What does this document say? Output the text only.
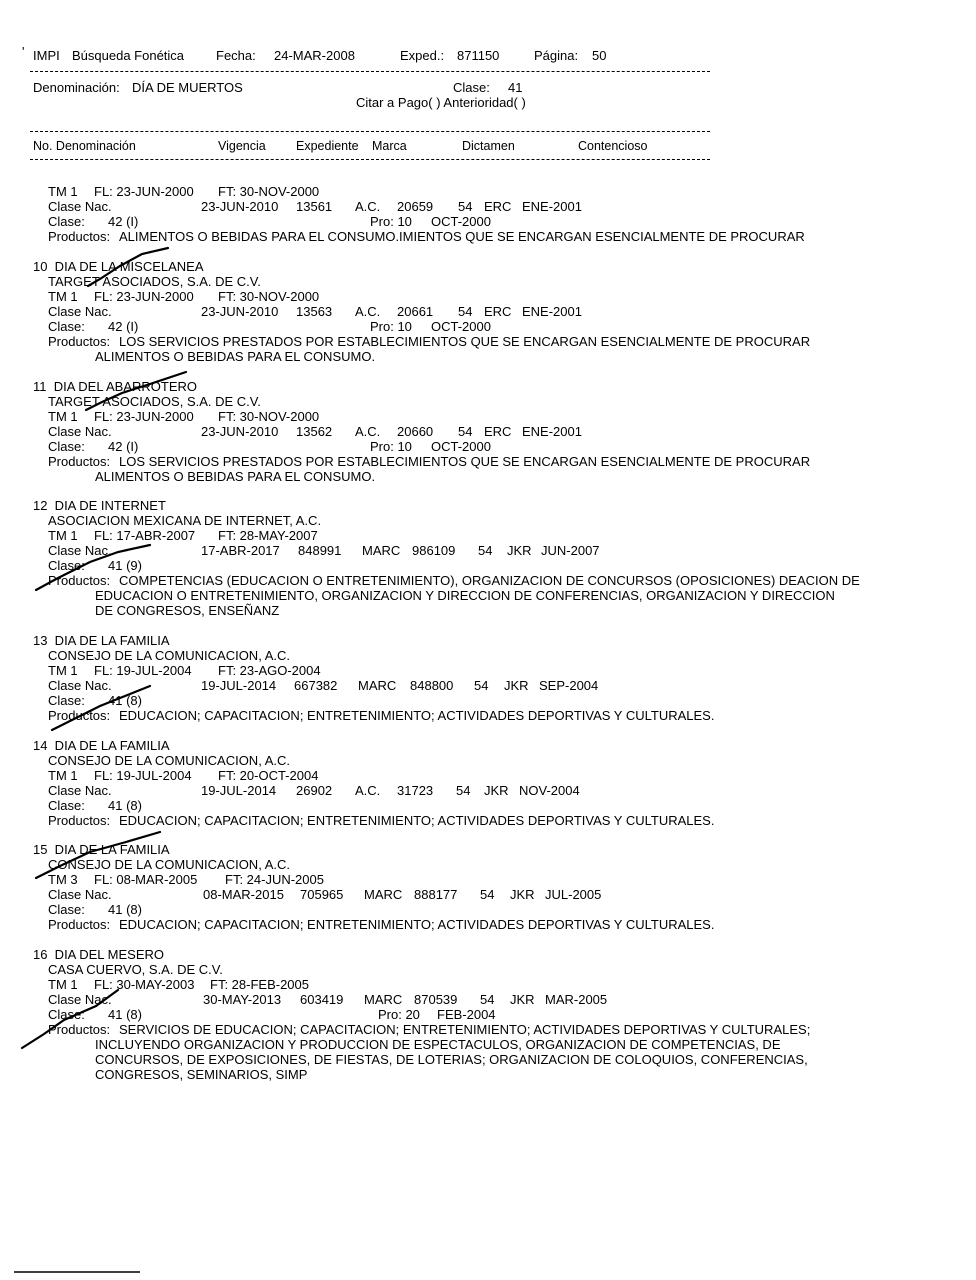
' IMPI Búsqueda Fonética Fecha: 24-MAR-2008	Exped.: 871150	Página: 50
Denominación: DÍA DE MUERTOS	Clase: 41
Citar a Pago( ) Anterioridad( )
No. Denominación	Vigencia Expediente Marca	Dictamen	Contencioso
TM 1 FL: 23-JUN-2000 FT: 30-NOV-2000
Clase Nac.	23-JUN-2010 13561 A.C. 20659 54 ERC ENE-2001
Clase: 42 (I)	Pro: 10 OCT-2000
Productos: ALIMENTOS O BEBIDAS PARA EL CONSUMO.IMIENTOS QUE SE ENCARGAN ESENCIALMENTE DE PROCURAR
10  DIA DE LA MISCELANEA
TARGET ASOCIADOS, S.A. DE C.V.
TM 1 FL: 23-JUN-2000 FT: 30-NOV-2000
Clase Nac.	23-JUN-2010 13563 A.C. 20661 54 ERC ENE-2001
Clase: 42 (I)	Pro: 10 OCT-2000
Productos: LOS SERVICIOS PRESTADOS POR ESTABLECIMIENTOS QUE SE ENCARGAN ESENCIALMENTE DE PROCURAR
ALIMENTOS O BEBIDAS PARA EL CONSUMO.
11  DIA DEL ABARROTERO
TARGET ASOCIADOS, S.A. DE C.V.
TM 1 FL: 23-JUN-2000 FT: 30-NOV-2000
Clase Nac.	23-JUN-2010 13562 A.C. 20660 54 ERC ENE-2001
Clase: 42 (I)	Pro: 10 OCT-2000
Productos: LOS SERVICIOS PRESTADOS POR ESTABLECIMIENTOS QUE SE ENCARGAN ESENCIALMENTE DE PROCURAR
ALIMENTOS O BEBIDAS PARA EL CONSUMO.
12  DIA DE INTERNET
ASOCIACION MEXICANA DE INTERNET, A.C.
TM 1 FL: 17-ABR-2007 FT: 28-MAY-2007
Clase Nac.	17-ABR-2017 848991 MARC 986109 54 JKR JUN-2007
Clase: 41 (9)
Productos: COMPETENCIAS (EDUCACION O ENTRETENIMIENTO), ORGANIZACION DE CONCURSOS (OPOSICIONES) DEACION DE
EDUCACION O ENTRETENIMIENTO, ORGANIZACION Y DIRECCION DE CONFERENCIAS, ORGANIZACION Y DIRECCION
DE CONGRESOS, ENSEÑANZ
13  DIA DE LA FAMILIA
CONSEJO DE LA COMUNICACION, A.C.
TM 1 FL: 19-JUL-2004 FT: 23-AGO-2004
Clase Nac.	19-JUL-2014 667382 MARC 848800 54 JKR SEP-2004
Clase: 41 (8)
Productos: EDUCACION; CAPACITACION; ENTRETENIMIENTO; ACTIVIDADES DEPORTIVAS Y CULTURALES.
14  DIA DE LA FAMILIA
CONSEJO DE LA COMUNICACION, A.C.
TM 1 FL: 19-JUL-2004 FT: 20-OCT-2004
Clase Nac.	19-JUL-2014 26902 A.C. 31723 54 JKR NOV-2004
Clase: 41 (8)
Productos: EDUCACION; CAPACITACION; ENTRETENIMIENTO; ACTIVIDADES DEPORTIVAS Y CULTURALES.
15  DIA DE LA FAMILIA
CONSEJO DE LA COMUNICACION, A.C.
TM 3 FL: 08-MAR-2005 FT: 24-JUN-2005
Clase Nac.	08-MAR-2015 705965 MARC 888177 54 JKR JUL-2005
Clase: 41 (8)
Productos: EDUCACION; CAPACITACION; ENTRETENIMIENTO; ACTIVIDADES DEPORTIVAS Y CULTURALES.
16  DIA DEL MESERO
CASA CUERVO, S.A. DE C.V.
TM 1 FL: 30-MAY-2003 FT: 28-FEB-2005
Clase Nac.	30-MAY-2013 603419 MARC 870539 54 JKR MAR-2005
Clase: 41 (8)	Pro: 20 FEB-2004
Productos: SERVICIOS DE EDUCACION; CAPACITACION; ENTRETENIMIENTO; ACTIVIDADES DEPORTIVAS Y CULTURALES;
INCLUYENDO ORGANIZACION Y PRODUCCION DE ESPECTACULOS, ORGANIZACION DE COMPETENCIAS, DE
CONCURSOS, DE EXPOSICIONES, DE FIESTAS, DE LOTERIAS; ORGANIZACION DE COLOQUIOS, CONFERENCIAS,
CONGRESOS, SEMINARIOS, SIMP
